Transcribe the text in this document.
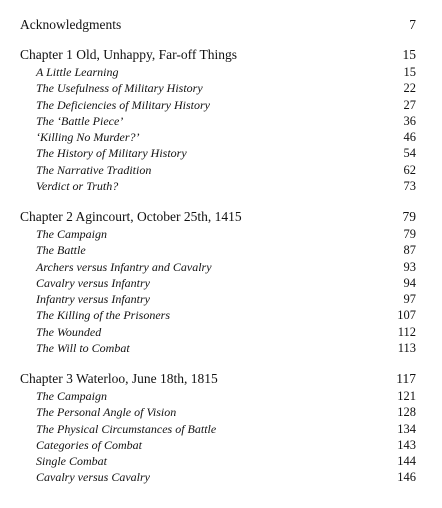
Acknowledgments	7
Chapter 1 Old, Unhappy, Far-off Things	15
A Little Learning	15
The Usefulness of Military History	22
The Deficiencies of Military History	27
The ‘Battle Piece’	36
‘Killing No Murder?’	46
The History of Military History	54
The Narrative Tradition	62
Verdict or Truth?	73
Chapter 2 Agincourt, October 25th, 1415	79
The Campaign	79
The Battle	87
Archers versus Infantry and Cavalry	93
Cavalry versus Infantry	94
Infantry versus Infantry	97
The Killing of the Prisoners	107
The Wounded	112
The Will to Combat	113
Chapter 3 Waterloo, June 18th, 1815	117
The Campaign	121
The Personal Angle of Vision	128
The Physical Circumstances of Battle	134
Categories of Combat	143
Single Combat	144
Cavalry versus Cavalry	146
